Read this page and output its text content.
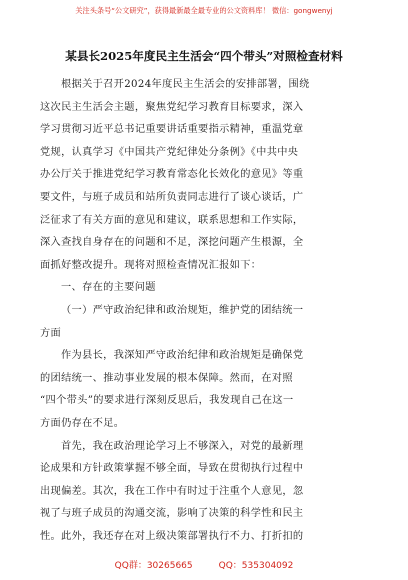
关注头条号“公文研究”，获得最新最全最专业的公文资料库！ 微信：gongwenyj
某县长2025年度民主生活会“四个带头”对照检查材料
根据关于召开2024年度民主生活会的安排部署，围绕
这次民主生活会主题，聚焦党纪学习教育目标要求，深入
学习贯彻习近平总书记重要讲话重要指示精神，重温党章
党规，认真学习《中国共产党纪律处分条例》《中共中央
办公厅关于推进党纪学习教育常态化长效化的意见》等重
要文件，与班子成员和站所负责同志进行了谈心谈话，广
泛征求了有关方面的意见和建议，联系思想和工作实际，
深入查找自身存在的问题和不足，深挖问题产生根源，全
面抓好整改提升。现将对照检查情况汇报如下：
一、存在的主要问题
（一）严守政治纪律和政治规矩，维护党的团结统一
方面
作为县长，我深知严守政治纪律和政治规矩是确保党
的团结统一、推动事业发展的根本保障。然而，在对照
“四个带头”的要求进行深刻反思后，我发现自己在这一
方面仍存在不足。
首先，我在政治理论学习上不够深入，对党的最新理
论成果和方针政策掌握不够全面，导致在贯彻执行过程中
出现偏差。其次，我在工作中有时过于注重个人意见，忽
视了与班子成员的沟通交流，影响了决策的科学性和民主
性。此外，我还存在对上级决策部署执行不力、打折扣的
QQ群：30265665	QQ：535304092
